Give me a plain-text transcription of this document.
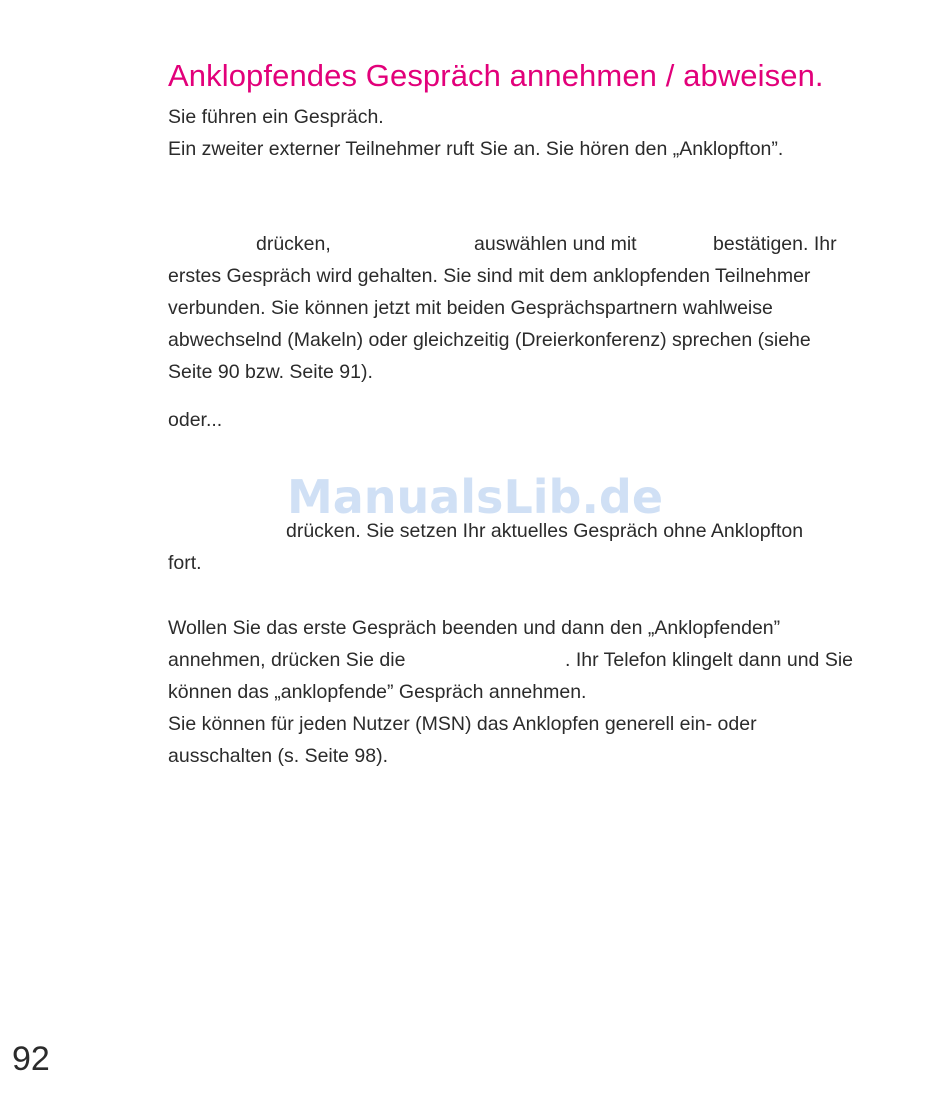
Anklopfendes Gespräch annehmen / abweisen.

Sie führen ein Gespräch.

Ein zweiter externer Teilnehmer ruft Sie an. Sie hören den „Anklopfton”.

drücken,	auswählen und mit	bestätigen. Ihr

erstes Gespräch wird gehalten. Sie sind mit dem anklopfenden Teilnehmer

verbunden. Sie können jetzt mit beiden Gesprächspartnern wahlweise

abwechselnd (Makeln) oder gleichzeitig (Dreierkonferenz) sprechen (siehe

Seite 90 bzw. Seite 91).

oder...

ManualsLib.de

drücken. Sie setzen Ihr aktuelles Gespräch ohne Anklopfton

fort.

Wollen Sie das erste Gespräch beenden und dann den „Anklopfenden”

annehmen, drücken Sie die	. Ihr Telefon klingelt dann und Sie

können das „anklopfende” Gespräch annehmen.

Sie können für jeden Nutzer (MSN) das Anklopfen generell ein- oder

ausschalten (s. Seite 98).

92
